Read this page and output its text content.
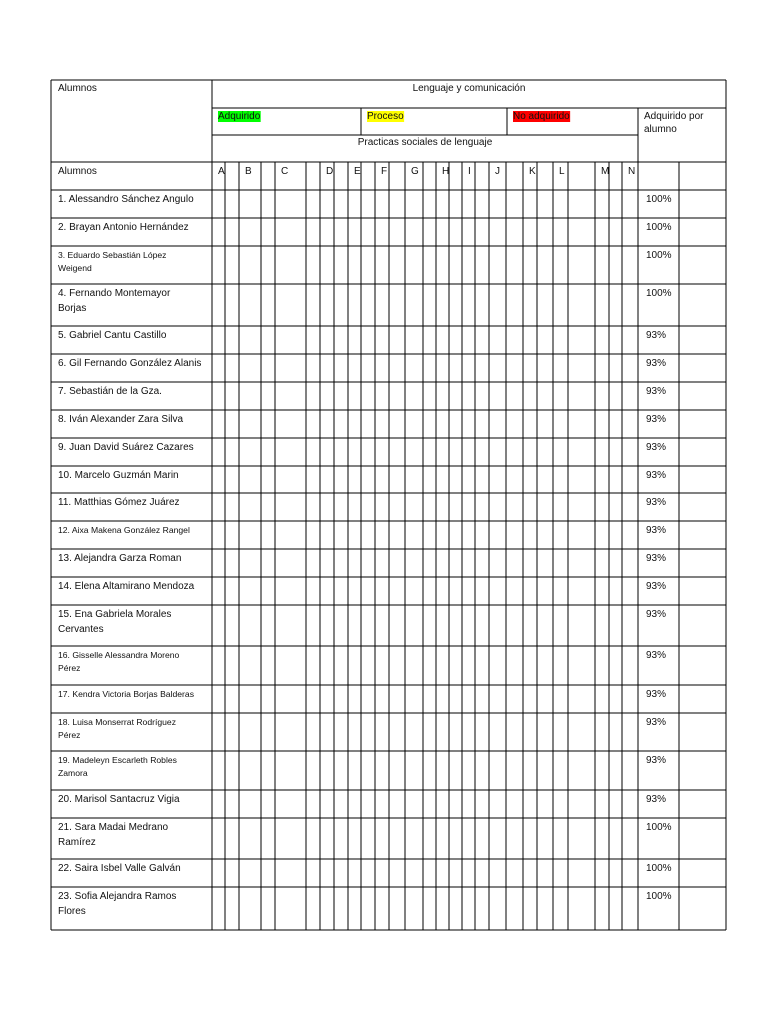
Alumnos	Lenguaje y comunicación
Practicas sociales de lenguaje
Adquirido por
alumno
Alumnos
Adquirido	Proceso	No adquirido
A B	C	D E F G H I J	K L	M N
1. Alessandro Sánchez Angulo	100%
2. Brayan Antonio Hernández	100%
3. Eduardo Sebastián López
Weigend
100%
4. Fernando Montemayor
Borjas
100%
5. Gabriel Cantu Castillo	93%
6. Gil Fernando González Alanis	93%
7. Sebastián de la Gza.	93%
8. Iván Alexander Zara Silva	93%
9. Juan David Suárez Cazares	93%
10. Marcelo Guzmán Marin	93%
11. Matthias Gómez Juárez	93%
12. Aixa Makena González Rangel	93%
13. Alejandra Garza Roman	93%
14. Elena Altamirano Mendoza	93%
15. Ena Gabriela Morales
Cervantes
93%
16. Gisselle Alessandra Moreno
Pérez
93%
17. Kendra Victoria Borjas Balderas	93%
18. Luisa Monserrat Rodríguez
Pérez
93%
19. Madeleyn Escarleth Robles
Zamora
93%
20. Marisol Santacruz Vigia	93%
21. Sara Madai Medrano
Ramírez
100%
22. Saira Isbel Valle Galván	100%
23. Sofia Alejandra Ramos
Flores
100%
